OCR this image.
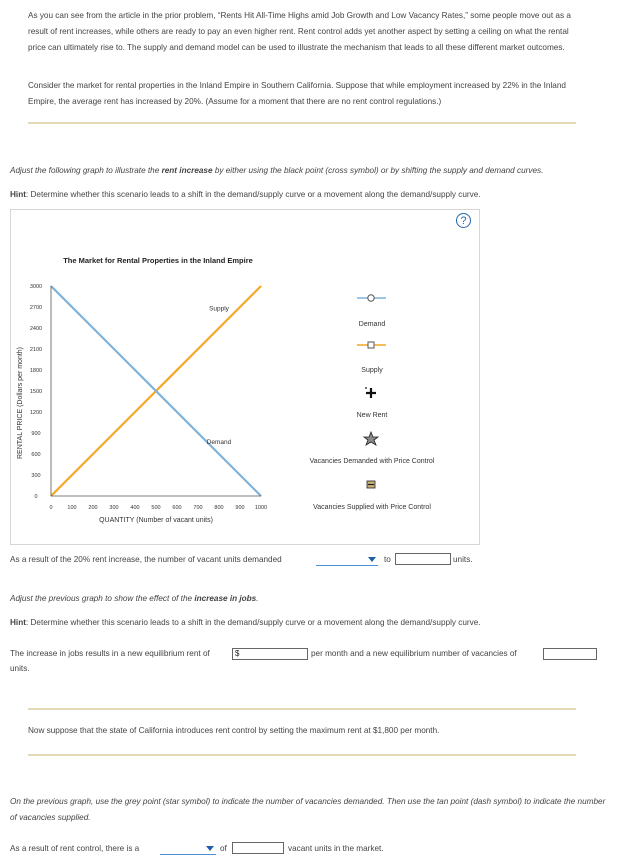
As you can see from the article in the prior problem, “Rents Hit All-Time Highs amid Job Growth and Low Vacancy Rates,” some people move out as a result of rent increases, while others are ready to pay an even higher rent. Rent control adds yet another aspect by setting a ceiling on what the rental price can ultimately rise to. The supply and demand model can be used to illustrate the mechanism that leads to all these different market outcomes.
Consider the market for rental properties in the Inland Empire in Southern California. Suppose that while employment increased by 22% in the Inland Empire, the average rent has increased by 20%. (Assume for a moment that there are no rent control regulations.)
Adjust the following graph to illustrate the rent increase by either using the black point (cross symbol) or by shifting the supply and demand curves.
Hint: Determine whether this scenario leads to a shift in the demand/supply curve or a movement along the demand/supply curve.
?
The Market for Rental Properties in the Inland Empire
RENTAL PRICE (Dollars per month)
QUANTITY (Number of vacant units)
0
300
600
900
1200
1500
1800
2100
2400
2700
3000
0	100 200 300 400 500 600 700 800 900 1000
Supply
Demand
Demand
Supply
New Rent
Vacancies Demanded with Price Control
Vacancies Supplied with Price Control
As a result of the 20% rent increase, the number of vacant units demanded	to	units.
Adjust the previous graph to show the effect of the increase in jobs.
Hint: Determine whether this scenario leads to a shift in the demand/supply curve or a movement along the demand/supply curve.
The increase in jobs results in a new equilibrium rent of	$	per month and a new equilibrium number of vacancies of
units.
Now suppose that the state of California introduces rent control by setting the maximum rent at $1,800 per month.
On the previous graph, use the grey point (star symbol) to indicate the number of vacancies demanded. Then use the tan point (dash symbol) to indicate the number of vacancies supplied.
As a result of rent control, there is a	of	vacant units in the market.
